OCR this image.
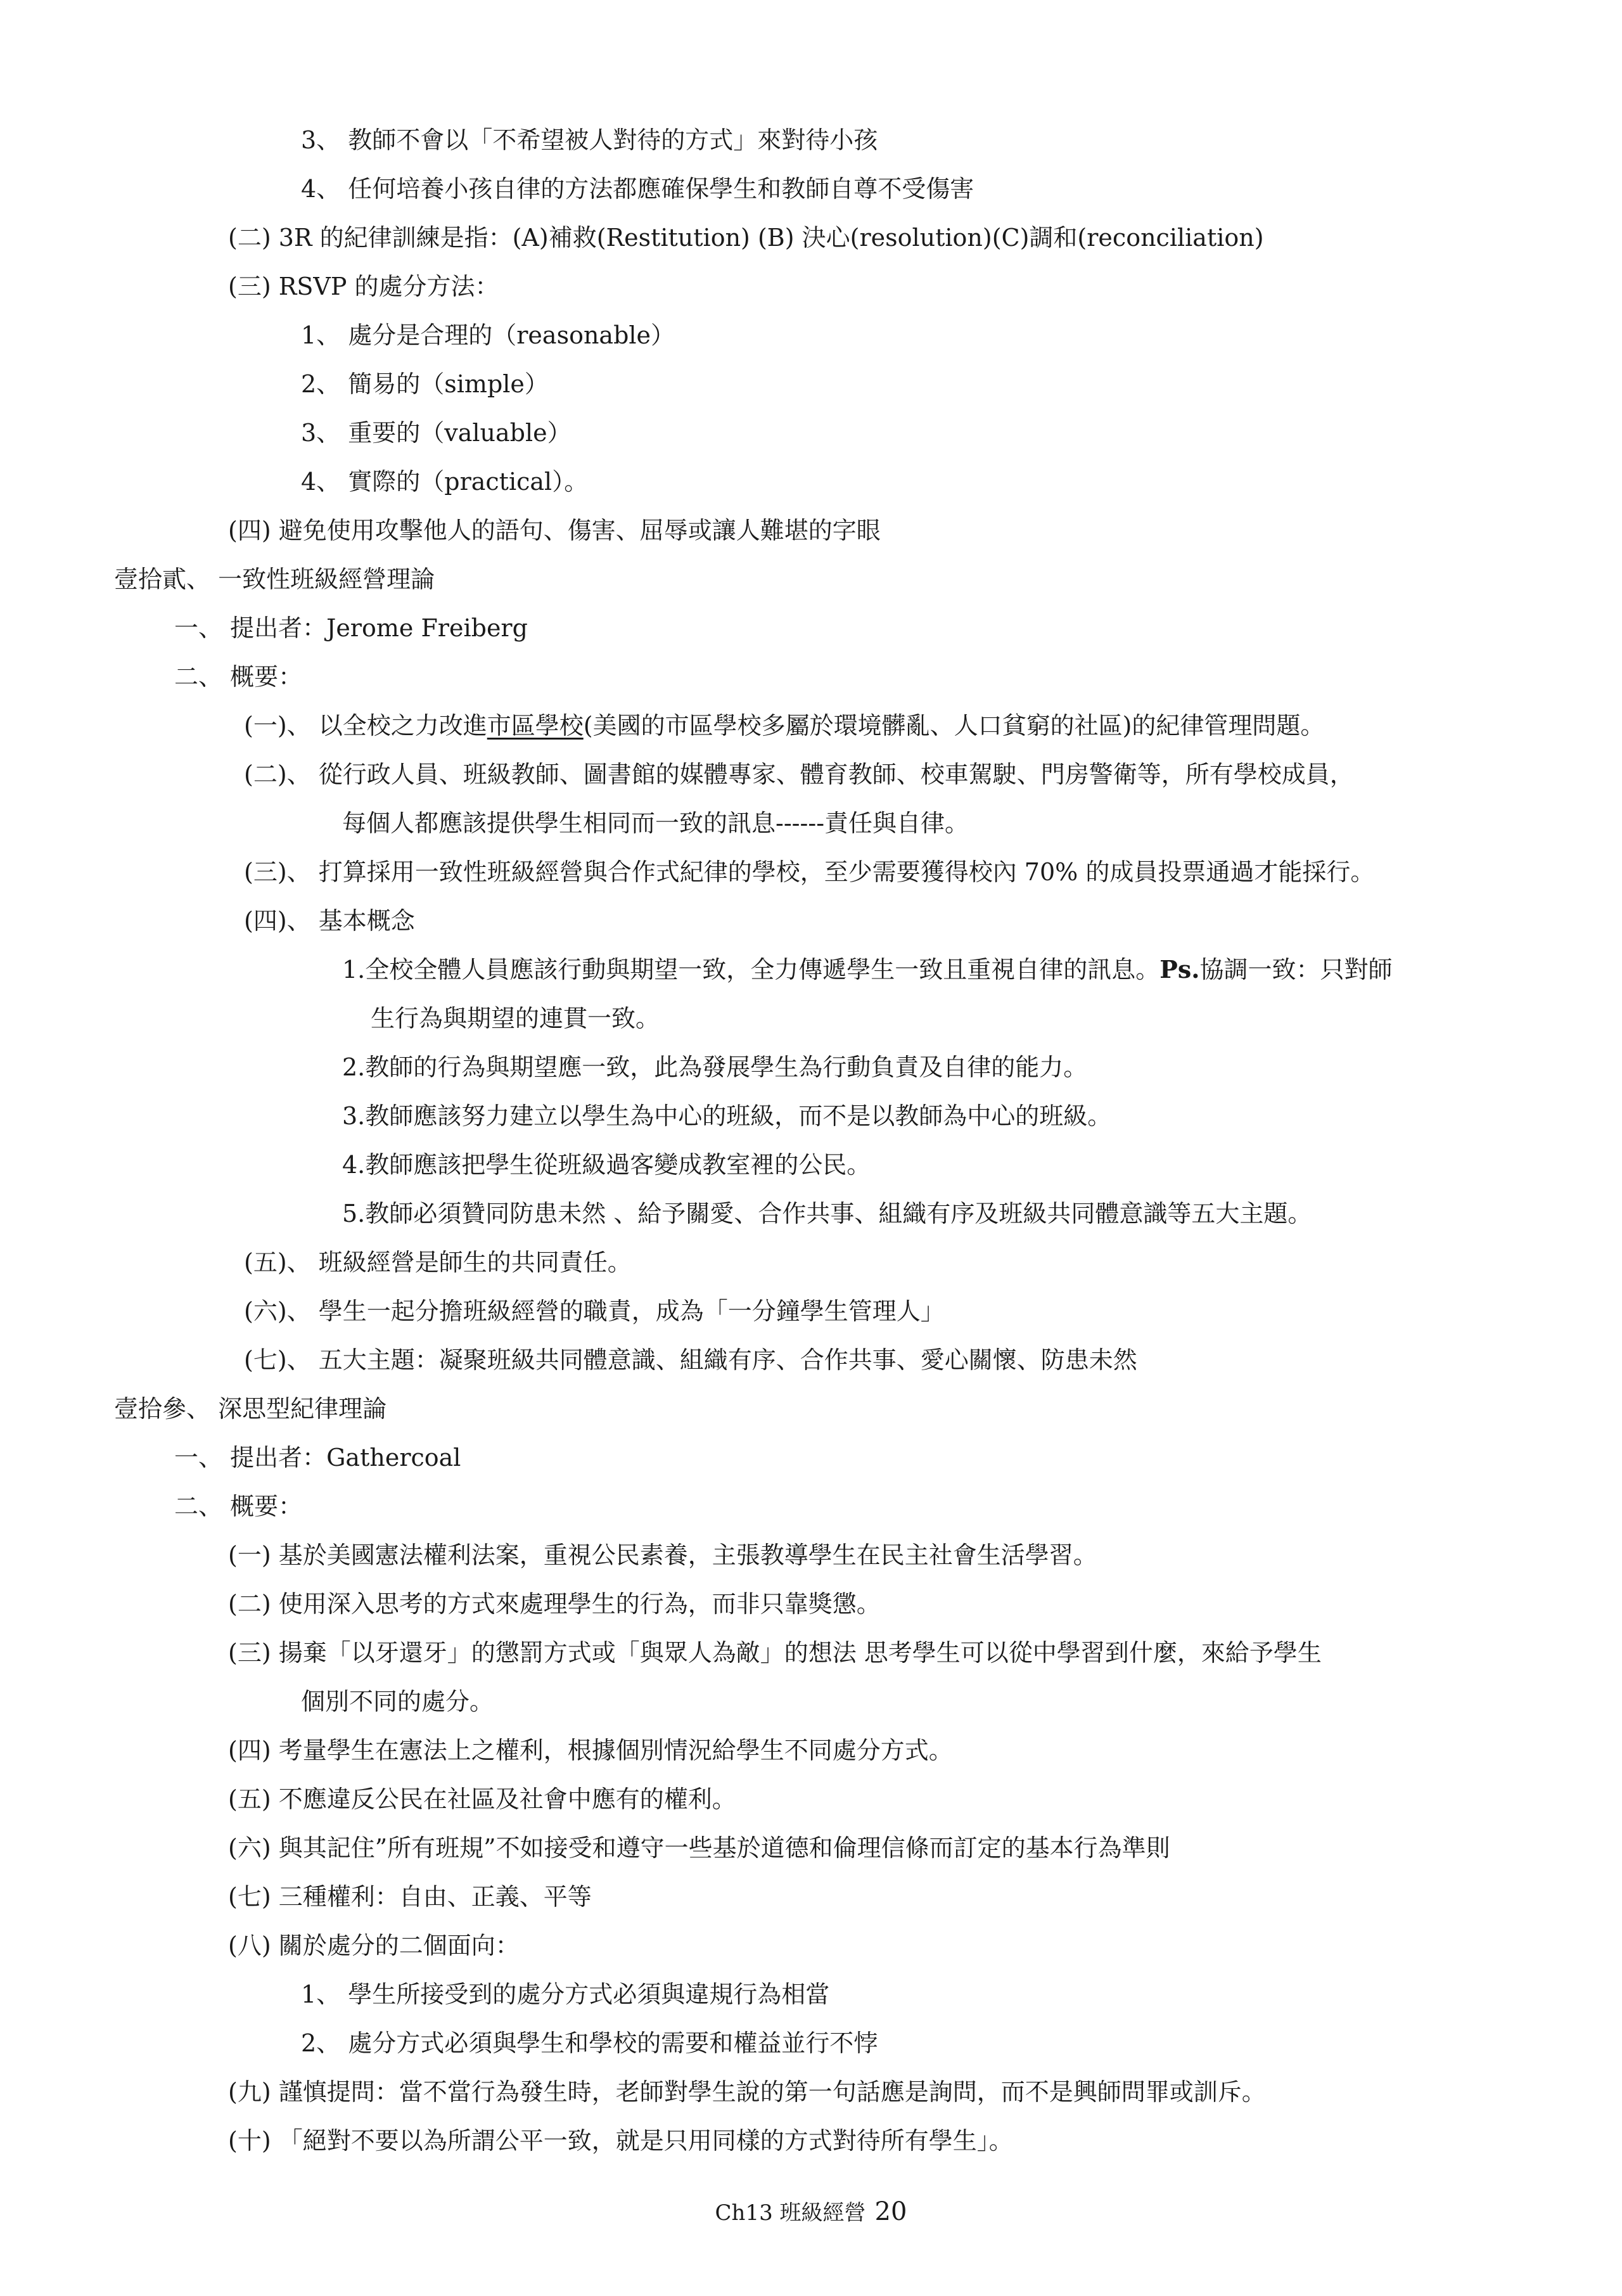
3、 教師不會以「不希望被人對待的方式」來對待小孩
4、 任何培養小孩自律的方法都應確保學生和教師自尊不受傷害
(二) 3R 的紀律訓練是指：(A)補救(Restitution) (B) 決心(resolution)(C)調和(reconciliation)
(三) RSVP 的處分方法：
1、 處分是合理的（reasonable）
2、 簡易的（simple）
3、 重要的（valuable）
4、 實際的（practical）。
(四) 避免使用攻擊他人的語句、傷害、屈辱或讓人難堪的字眼
壹拾貳、 一致性班級經營理論
一、 提出者：Jerome Freiberg
二、 概要：
(一)、 以全校之力改進市區學校(美國的市區學校多屬於環境髒亂、人口貧窮的社區)的紀律管理問題。
(二)、 從行政人員、班級教師、圖書館的媒體專家、體育教師、校車駕駛、門房警衛等，所有學校成員，
每個人都應該提供學生相同而一致的訊息------責任與自律。
(三)、 打算採用一致性班級經營與合作式紀律的學校，至少需要獲得校內 70% 的成員投票通過才能採行。
(四)、 基本概念
1.全校全體人員應該行動與期望一致，全力傳遞學生一致且重視自律的訊息。Ps.協調一致：只對師
生行為與期望的連貫一致。
2.教師的行為與期望應一致，此為發展學生為行動負責及自律的能力。
3.教師應該努力建立以學生為中心的班級，而不是以教師為中心的班級。
4.教師應該把學生從班級過客變成教室裡的公民。
5.教師必須贊同防患未然 、給予關愛、合作共事、組織有序及班級共同體意識等五大主題。
(五)、 班級經營是師生的共同責任。
(六)、 學生一起分擔班級經營的職責，成為「一分鐘學生管理人」
(七)、 五大主題：凝聚班級共同體意識、組織有序、合作共事、愛心關懷、防患未然
壹拾參、 深思型紀律理論
一、 提出者：Gathercoal
二、 概要：
(一) 基於美國憲法權利法案，重視公民素養，主張教導學生在民主社會生活學習。
(二) 使用深入思考的方式來處理學生的行為，而非只靠獎懲。
(三) 揚棄「以牙還牙」的懲罰方式或「與眾人為敵」的想法 思考學生可以從中學習到什麼，來給予學生
個別不同的處分。
(四) 考量學生在憲法上之權利，根據個別情況給學生不同處分方式。
(五) 不應違反公民在社區及社會中應有的權利。
(六) 與其記住”所有班規”不如接受和遵守一些基於道德和倫理信條而訂定的基本行為準則
(七) 三種權利：自由、正義、平等
(八) 關於處分的二個面向：
1、 學生所接受到的處分方式必須與違規行為相當
2、 處分方式必須與學生和學校的需要和權益並行不悖
(九) 謹慎提問：當不當行為發生時，老師對學生說的第一句話應是詢問，而不是興師問罪或訓斥。
(十) 「絕對不要以為所謂公平一致，就是只用同樣的方式對待所有學生」。
Ch13 班級經營 20
